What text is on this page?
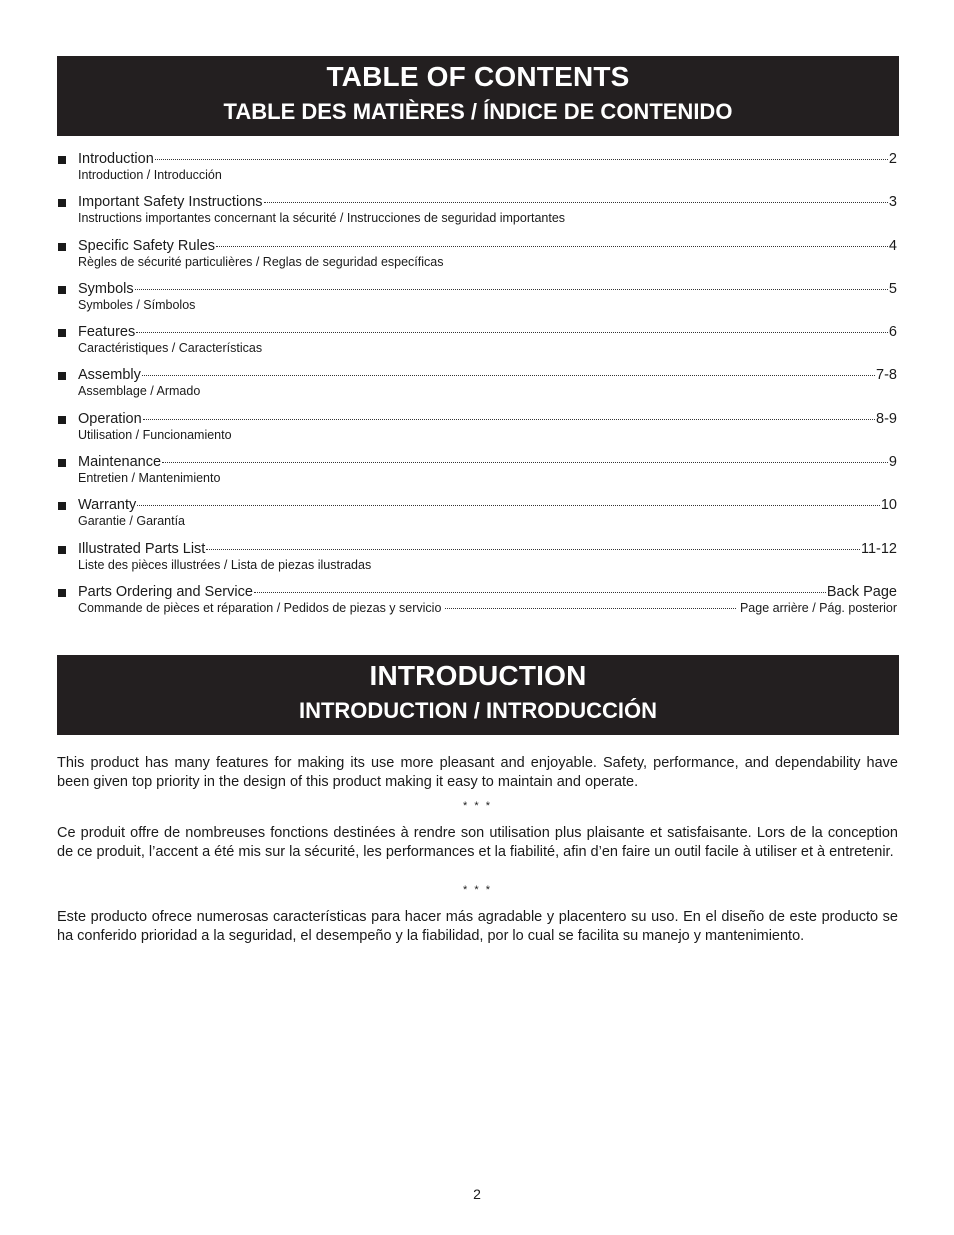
TABLE OF CONTENTS
TABLE DES MATIÈRES / ÍNDICE DE CONTENIDO
Introduction	2
Introduction / Introducción
Important Safety Instructions	3
Instructions importantes concernant la sécurité / Instrucciones de seguridad importantes
Specific Safety Rules	4
Règles de sécurité particulières / Reglas de seguridad específicas
Symbols	5
Symboles / Símbolos
Features	6
Caractéristiques / Características
Assembly	7-8
Assemblage / Armado
Operation	8-9
Utilisation / Funcionamiento
Maintenance	9
Entretien / Mantenimiento
Warranty	10
Garantie / Garantía
Illustrated Parts List	11-12
Liste des pièces illustrées / Lista de piezas ilustradas
Parts Ordering and Service	Back Page
Commande de pièces et réparation / Pedidos de piezas y servicio	Page arrière / Pág. posterior
INTRODUCTION
INTRODUCTION / INTRODUCCIÓN

This product has many features for making its use more pleasant and enjoyable. Safety, performance, and dependability have been given top priority in the design of this product making it easy to maintain and operate.

* * *

Ce produit offre de nombreuses fonctions destinées à rendre son utilisation plus plaisante et satisfaisante. Lors de la conception de ce produit, l’accent a été mis sur la sécurité, les performances et la fiabilité, afin d’en faire un outil facile à utiliser et à entretenir.

* * *

Este producto ofrece numerosas características para hacer más agradable y placentero su uso. En el diseño de este producto se ha conferido prioridad a la seguridad, el desempeño y la fiabilidad, por lo cual se facilita su manejo y mantenimiento.

2
